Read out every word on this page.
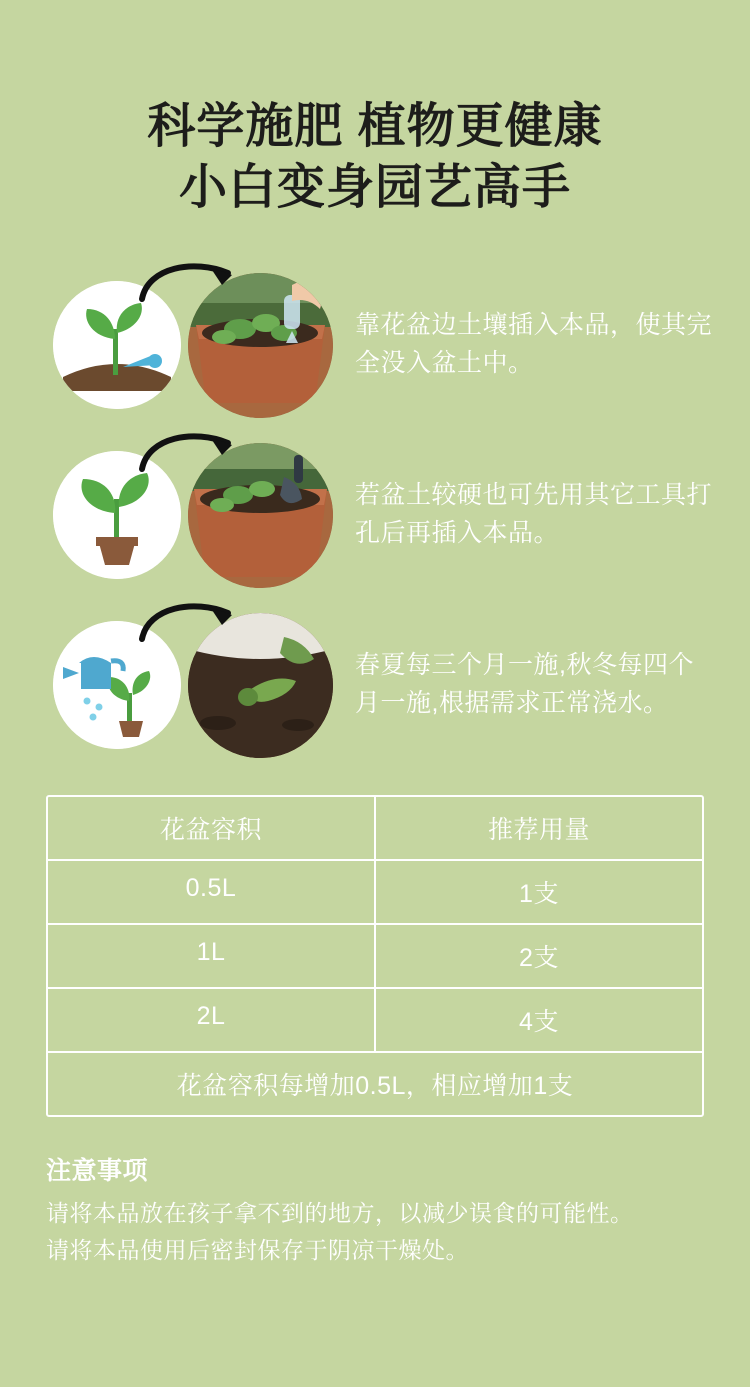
科学施肥 植物更健康
小白变身园艺高手
靠花盆边土壤插入本品，使其完全没入盆土中。
若盆土较硬也可先用其它工具打孔后再插入本品。
春夏每三个月一施,秋冬每四个月一施,根据需求正常浇水。
花盆容积	推荐用量
0.5L	1支
1L	2支
2L	4支
花盆容积每增加0.5L，相应增加1支
注意事项
请将本品放在孩子拿不到的地方，以减少误食的可能性。
请将本品使用后密封保存于阴凉干燥处。
